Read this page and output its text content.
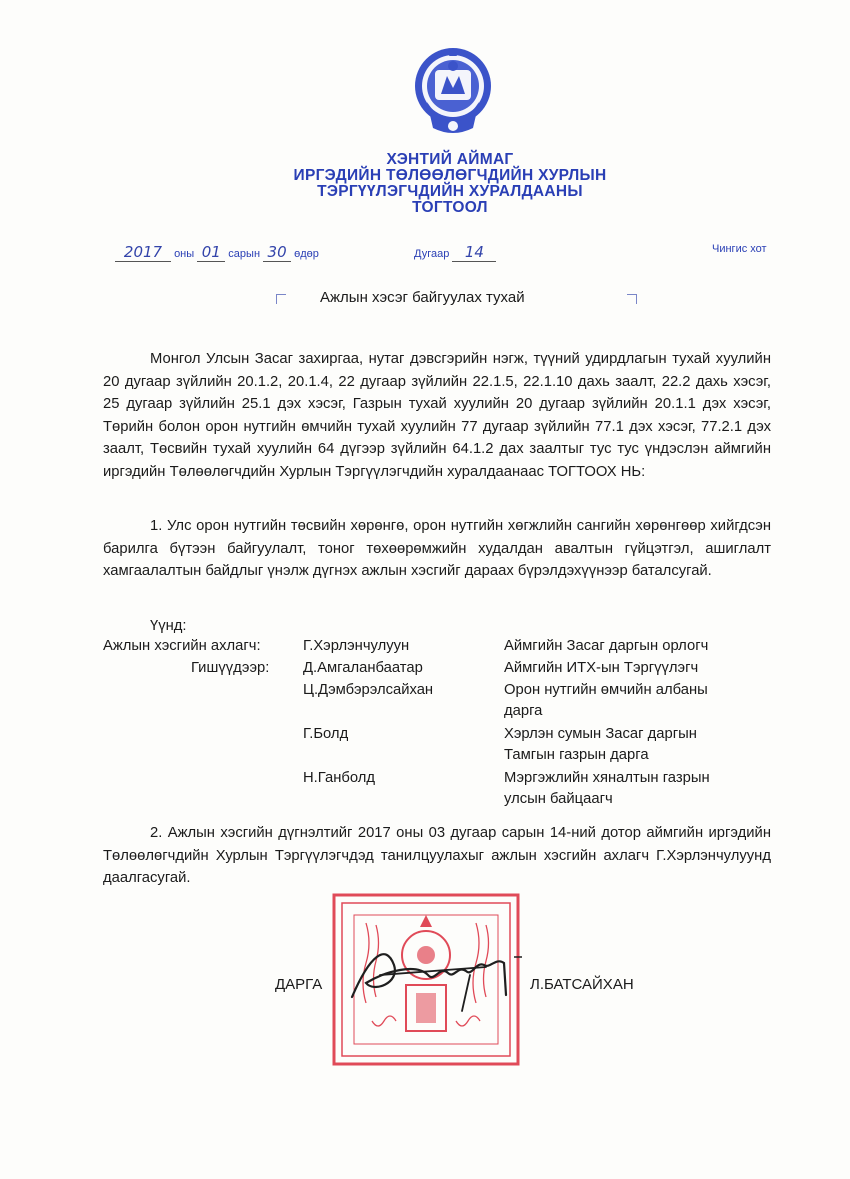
ХЭНТИЙ АЙМАГ
ИРГЭДИЙН ТӨЛӨӨЛӨГЧДИЙН ХУРЛЫН
ТЭРГҮҮЛЭГЧДИЙН ХУРАЛДААНЫ
ТОГТООЛ
2017 оны 01 сарын 30 өдөр	Дугаар 14	Чингис хот
Ажлын хэсэг байгуулах тухай
Монгол Улсын Засаг захиргаа, нутаг дэвсгэрийн нэгж, түүний удирдлагын тухай хуулийн 20 дугаар зүйлийн 20.1.2, 20.1.4, 22 дугаар зүйлийн 22.1.5, 22.1.10 дахь заалт, 22.2 дахь хэсэг, 25 дугаар зүйлийн 25.1 дэх хэсэг, Газрын тухай хуулийн 20 дугаар зүйлийн 20.1.1 дэх хэсэг, Төрийн болон орон нутгийн өмчийн тухай хуулийн 77 дугаар зүйлийн 77.1 дэх хэсэг, 77.2.1 дэх заалт, Төсвийн тухай хуулийн 64 дүгээр зүйлийн 64.1.2 дах заалтыг тус тус үндэслэн аймгийн иргэдийн Төлөөлөгчдийн Хурлын Тэргүүлэгчдийн хуралдаанаас ТОГТООХ НЬ:
1. Улс орон нутгийн төсвийн хөрөнгө, орон нутгийн хөгжлийн сангийн хөрөнгөөр хийгдсэн барилга бүтээн байгуулалт, тоног төхөөрөмжийн худалдан авалтын гүйцэтгэл, ашиглалт хамгаалалтын байдлыг үнэлж дүгнэх ажлын хэсгийг дараах бүрэлдэхүүнээр баталсугай.
Үүнд:
Ажлын хэсгийн ахлагч:	Г.Хэрлэнчулуун	Аймгийн Засаг даргын орлогч
Гишүүдээр: Д.Амгаланбаатар	Аймгийн ИТХ-ын Тэргүүлэгч
Ц.Дэмбэрэлсайхан	Орон нутгийн өмчийн албаны
дарга
Г.Болд	Хэрлэн сумын Засаг даргын
Тамгын газрын дарга
Н.Ганболд	Мэргэжлийн хяналтын газрын
улсын байцаагч
2. Ажлын хэсгийн дүгнэлтийг 2017 оны 03 дугаар сарын 14-ний дотор аймгийн иргэдийн Төлөөлөгчдийн Хурлын Тэргүүлэгчдэд танилцуулахыг ажлын хэсгийн ахлагч Г.Хэрлэнчулуунд даалгасугай.
ДАРГА	Л.БАТСАЙХАН
